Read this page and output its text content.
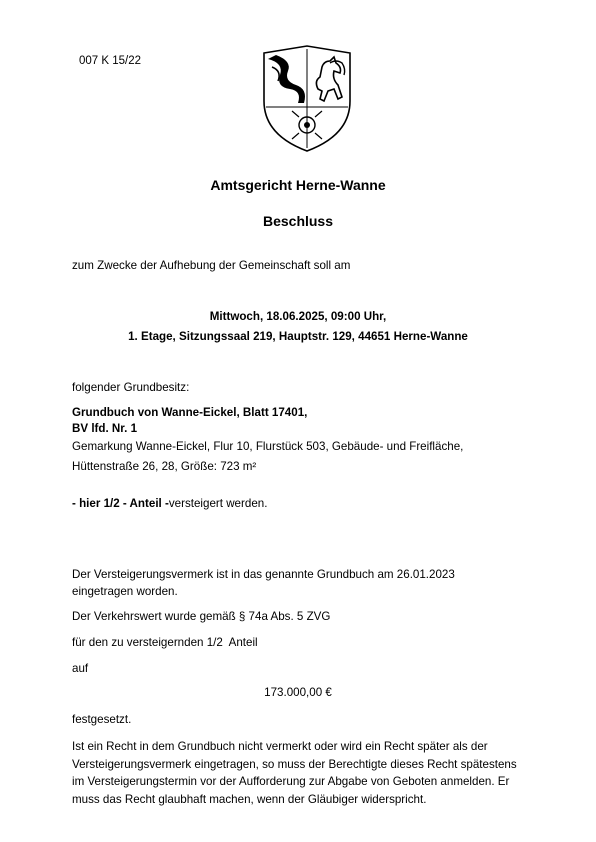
007 K 15/22
Amtsgericht Herne-Wanne
Beschluss
zum Zwecke der Aufhebung der Gemeinschaft soll am
Mittwoch, 18.06.2025, 09:00 Uhr,
1. Etage, Sitzungssaal 219, Hauptstr. 129, 44651 Herne-Wanne
folgender Grundbesitz:
Grundbuch von Wanne-Eickel, Blatt 17401,
BV lfd. Nr. 1
Gemarkung Wanne-Eickel, Flur 10, Flurstück 503, Gebäude- und Freifläche,
Hüttenstraße 26, 28, Größe: 723 m²
- hier 1/2 - Anteil -versteigert werden.
Der Versteigerungsvermerk ist in das genannte Grundbuch am 26.01.2023 eingetragen worden.
Der Verkehrswert wurde gemäß § 74a Abs. 5 ZVG
für den zu versteigernden 1/2  Anteil
auf
173.000,00 €
festgesetzt.
Ist ein Recht in dem Grundbuch nicht vermerkt oder wird ein Recht später als der Versteigerungsvermerk eingetragen, so muss der Berechtigte dieses Recht spätestens im Versteigerungstermin vor der Aufforderung zur Abgabe von Geboten anmelden. Er muss das Recht glaubhaft machen, wenn der Gläubiger widerspricht.
